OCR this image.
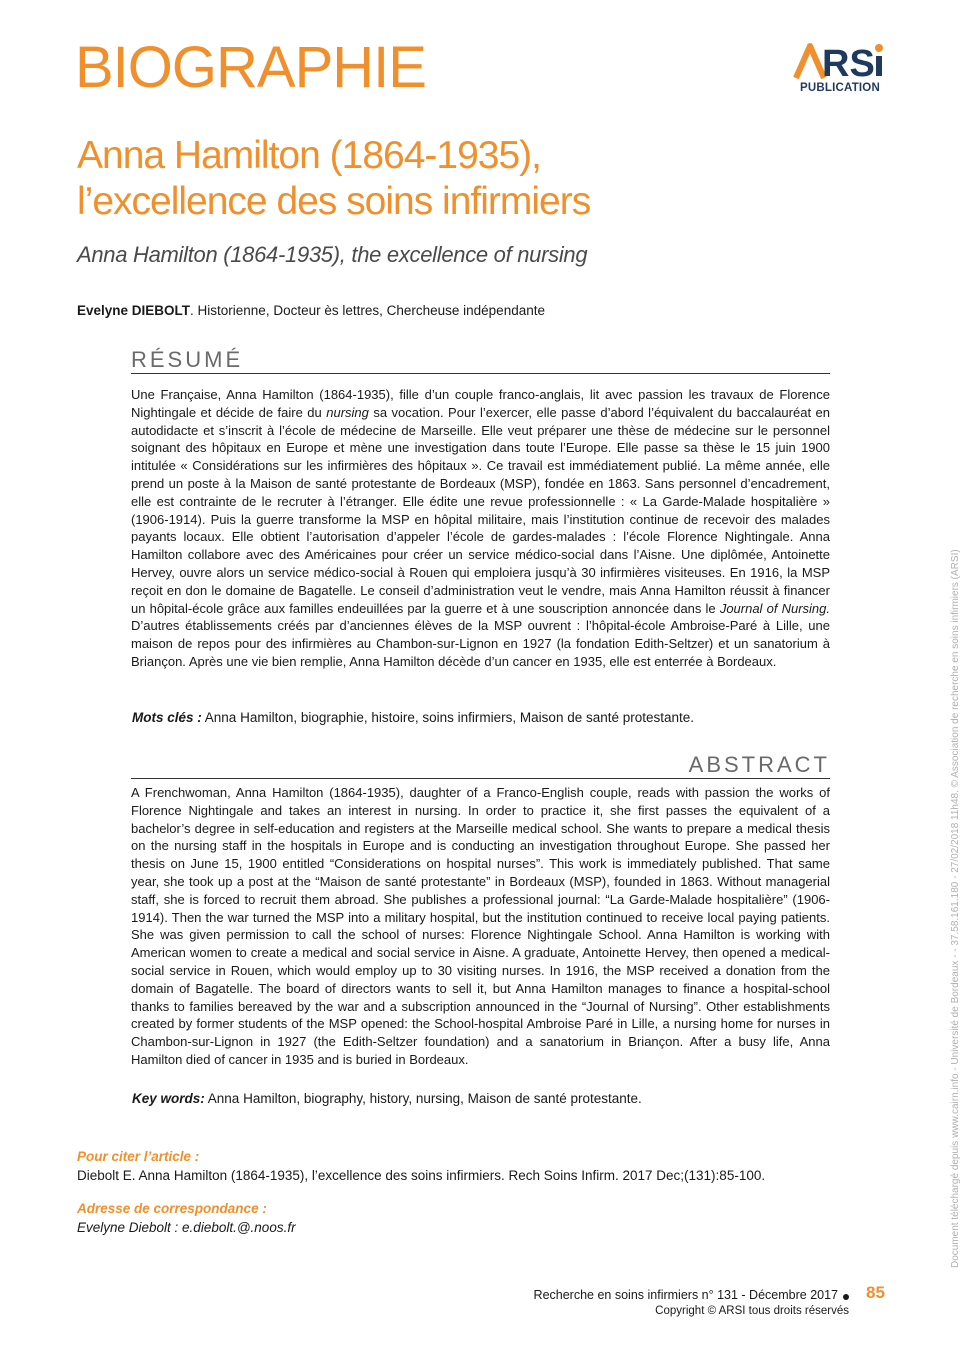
BIOGRAPHIE	RS
PUBLICATION
Anna Hamilton (1864-1935),
l’excellence des soins infirmiers
Anna Hamilton (1864-1935), the excellence of nursing
Evelyne DIEBOLT. Historienne, Docteur ès lettres, Chercheuse indépendante
RÉSUMÉ
Une Française, Anna Hamilton (1864-1935), fille d’un couple franco-anglais, lit avec passion les travaux de Florence Nightingale et décide de faire du nursing sa vocation. Pour l’exercer, elle passe d’abord l’équivalent du baccalauréat en autodidacte et s’inscrit à l’école de médecine de Marseille. Elle veut préparer une thèse de médecine sur le personnel soignant des hôpitaux en Europe et mène une investigation dans toute l’Europe. Elle passe sa thèse le 15 juin 1900 intitulée « Considérations sur les infirmières des hôpitaux ». Ce travail est immédiatement publié. La même année, elle prend un poste à la Maison de santé protestante de Bordeaux (MSP), fondée en 1863. Sans personnel d’encadrement, elle est contrainte de le recruter à l’étranger. Elle édite une revue professionnelle : « La Garde-Malade hospitalière » (1906-1914). Puis la guerre transforme la MSP en hôpital militaire, mais l’institution continue de recevoir des malades payants locaux. Elle obtient l’autorisation d’appeler l’école de gardes-malades : l’école Florence Nightingale. Anna Hamilton collabore avec des Américaines pour créer un service médico-social dans l’Aisne. Une diplômée, Antoinette Hervey, ouvre alors un service médico-social à Rouen qui emploiera jusqu’à 30 infirmières visiteuses. En 1916, la MSP reçoit en don le domaine de Bagatelle. Le conseil d’administration veut le vendre, mais Anna Hamilton réussit à financer un hôpital-école grâce aux familles endeuillées par la guerre et à une souscription annoncée dans le Journal of Nursing. D’autres établissements créés par d’anciennes élèves de la MSP ouvrent : l’hôpital-école Ambroise-Paré à Lille, une maison de repos pour des infirmières au Chambon-sur-Lignon en 1927 (la fondation Edith-Seltzer) et un sanatorium à Briançon. Après une vie bien remplie, Anna Hamilton décède d’un cancer en 1935, elle est enterrée à Bordeaux.
Mots clés : Anna Hamilton, biographie, histoire, soins infirmiers, Maison de santé protestante.
ABSTRACT
A Frenchwoman, Anna Hamilton (1864-1935), daughter of a Franco-English couple, reads with passion the works of Florence Nightingale and takes an interest in nursing. In order to practice it, she first passes the equivalent of a bachelor’s degree in self-education and registers at the Marseille medical school. She wants to prepare a medical thesis on the nursing staff in the hospitals in Europe and is conducting an investigation throughout Europe. She passed her thesis on June 15, 1900 entitled “Considerations on hospital nurses”. This work is immediately published. That same year, she took up a post at the “Maison de santé protestante” in Bordeaux (MSP), founded in 1863. Without managerial staff, she is forced to recruit them abroad. She publishes a professional journal: “La Garde-Malade hospitalière” (1906-1914). Then the war turned the MSP into a military hospital, but the institution continued to receive local paying patients. She was given permission to call the school of nurses: Florence Nightingale School. Anna Hamilton is working with American women to create a medical and social service in Aisne. A graduate, Antoinette Hervey, then opened a medical-social service in Rouen, which would employ up to 30 visiting nurses. In 1916, the MSP received a donation from the domain of Bagatelle. The board of directors wants to sell it, but Anna Hamilton manages to finance a hospital-school thanks to families bereaved by the war and a subscription announced in the “Journal of Nursing”. Other establishments created by former students of the MSP opened: the School-hospital Ambroise Paré in Lille, a nursing home for nurses in Chambon-sur-Lignon in 1927 (the Edith-Seltzer foundation) and a sanatorium in Briançon. After a busy life, Anna Hamilton died of cancer in 1935 and is buried in Bordeaux.
Key words: Anna Hamilton, biography, history, nursing, Maison de santé protestante.
Pour citer l’article :
Diebolt E. Anna Hamilton (1864-1935), l’excellence des soins infirmiers. Rech Soins Infirm. 2017 Dec;(131):85-100.
Adresse de correspondance :
Evelyne Diebolt : e.diebolt.@.noos.fr
Recherche en soins infirmiers n° 131 - Décembre 2017 85
Copyright © ARSI tous droits réservés
Document téléchargé depuis www.cairn.info - Université de Bordeaux - - 37.58.161.180 - 27/02/2018 11h48. © Association de recherche en soins infirmiers (ARSI)
